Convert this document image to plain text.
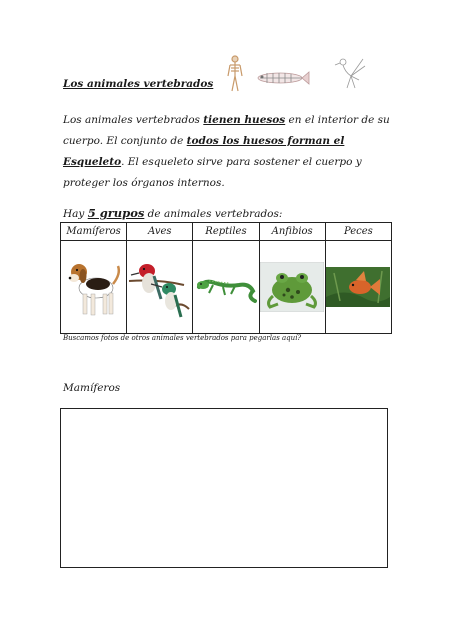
Los animales vertebrados
Los animales vertebrados tienen huesos en el interior de su cuerpo. El conjunto de todos los huesos forman el Esqueleto. El esqueleto sirve para sostener el cuerpo y proteger los órganos internos.
Hay 5 grupos de animales vertebrados:
Mamíferos	Aves	Reptiles	Anfibios	Peces

Buscamos fotos de otros animales vertebrados para pegarlas aquí?
Mamíferos
